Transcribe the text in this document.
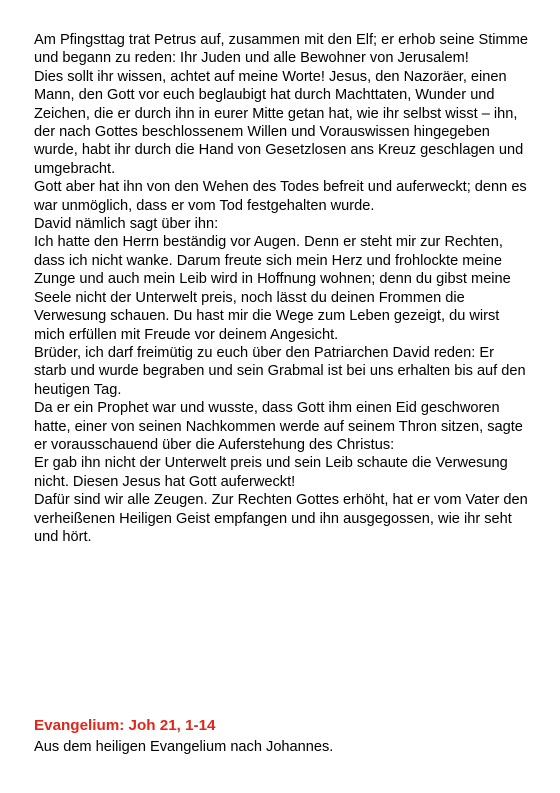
Am Pfingsttag trat Petrus auf, zusammen mit den Elf; er erhob seine Stimme und begann zu reden: Ihr Juden und alle Bewohner von Jerusalem!

Dies sollt ihr wissen, achtet auf meine Worte! Jesus, den Nazoräer, einen Mann, den Gott vor euch beglaubigt hat durch Machttaten, Wunder und Zeichen, die er durch ihn in eurer Mitte getan hat, wie ihr selbst wisst – ihn, der nach Gottes beschlossenem Willen und Vorauswissen hingegeben wurde, habt ihr durch die Hand von Gesetzlosen ans Kreuz geschlagen und umgebracht.

Gott aber hat ihn von den Wehen des Todes befreit und auferweckt; denn es war unmöglich, dass er vom Tod festgehalten wurde.

David nämlich sagt über ihn:

Ich hatte den Herrn beständig vor Augen. Denn er steht mir zur Rechten, dass ich nicht wanke. Darum freute sich mein Herz und frohlockte meine Zunge und auch mein Leib wird in Hoffnung wohnen; denn du gibst meine Seele nicht der Unterwelt preis, noch lässt du deinen Frommen die Verwesung schauen. Du hast mir die Wege zum Leben gezeigt, du wirst mich erfüllen mit Freude vor deinem Angesicht.

Brüder, ich darf freimütig zu euch über den Patriarchen David reden: Er starb und wurde begraben und sein Grabmal ist bei uns erhalten bis auf den heutigen Tag.

Da er ein Prophet war und wusste, dass Gott ihm einen Eid geschworen hatte, einer von seinen Nachkommen werde auf seinem Thron sitzen, sagte er vorausschauend über die Auferstehung des Christus:

Er gab ihn nicht der Unterwelt preis und sein Leib schaute die Verwesung nicht. Diesen Jesus hat Gott auferweckt!

Dafür sind wir alle Zeugen. Zur Rechten Gottes erhöht, hat er vom Vater den verheißenen Heiligen Geist empfangen und ihn ausgegossen, wie ihr seht und hört.

Evangelium: Joh 21, 1-14

Aus dem heiligen Evangelium nach Johannes.
